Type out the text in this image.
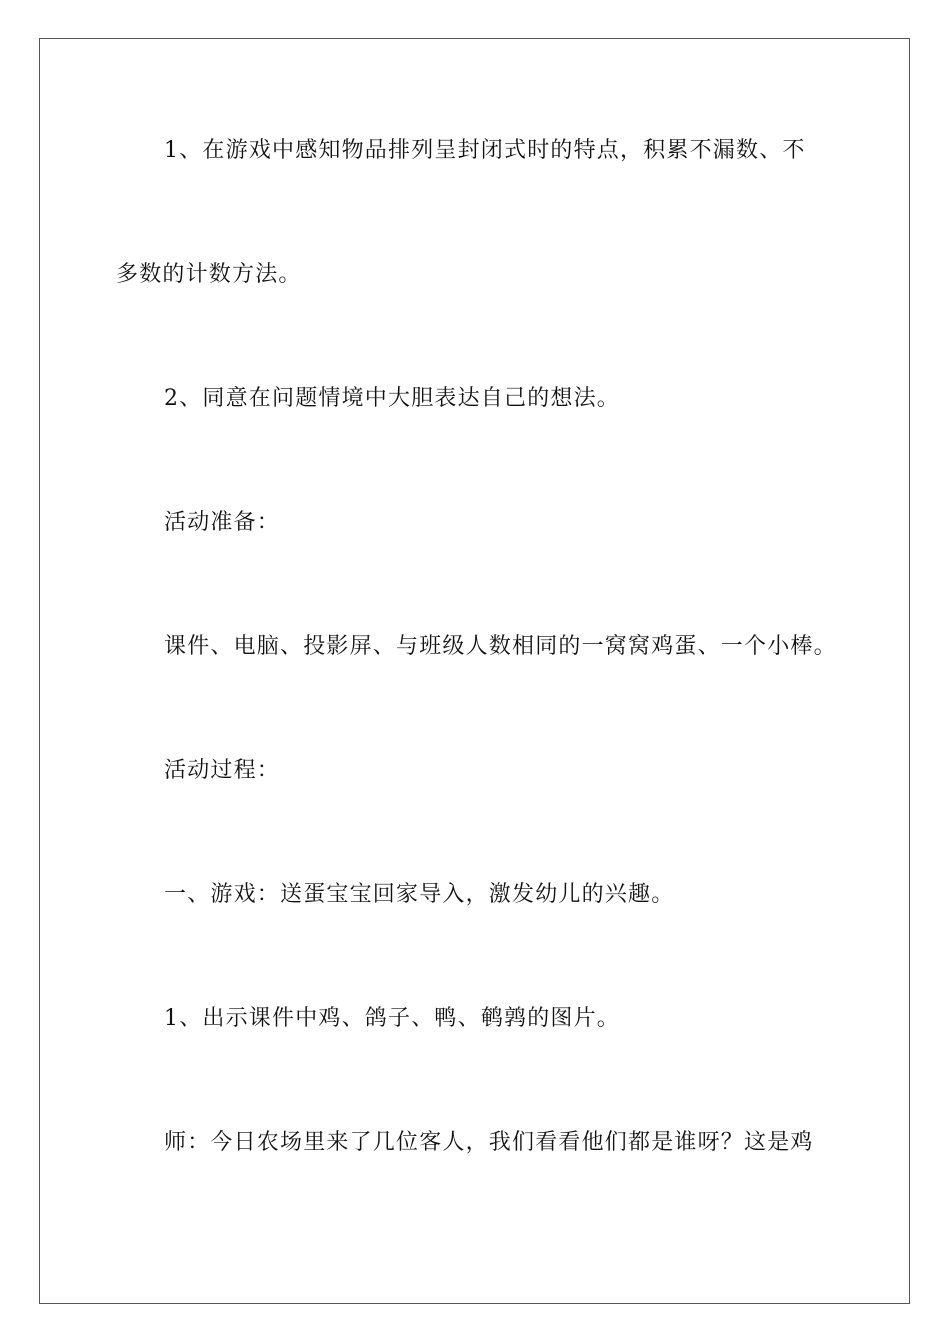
1、在游戏中感知物品排列呈封闭式时的特点，积累不漏数、不
多数的计数方法。
2、同意在问题情境中大胆表达自己的想法。
活动准备：
课件、电脑、投影屏、与班级人数相同的一窝窝鸡蛋、一个小棒。
活动过程：
一、游戏：送蛋宝宝回家导入，激发幼儿的兴趣。
1、出示课件中鸡、鸽子、鸭、鹌鹑的图片。
师：今日农场里来了几位客人，我们看看他们都是谁呀？这是鸡
